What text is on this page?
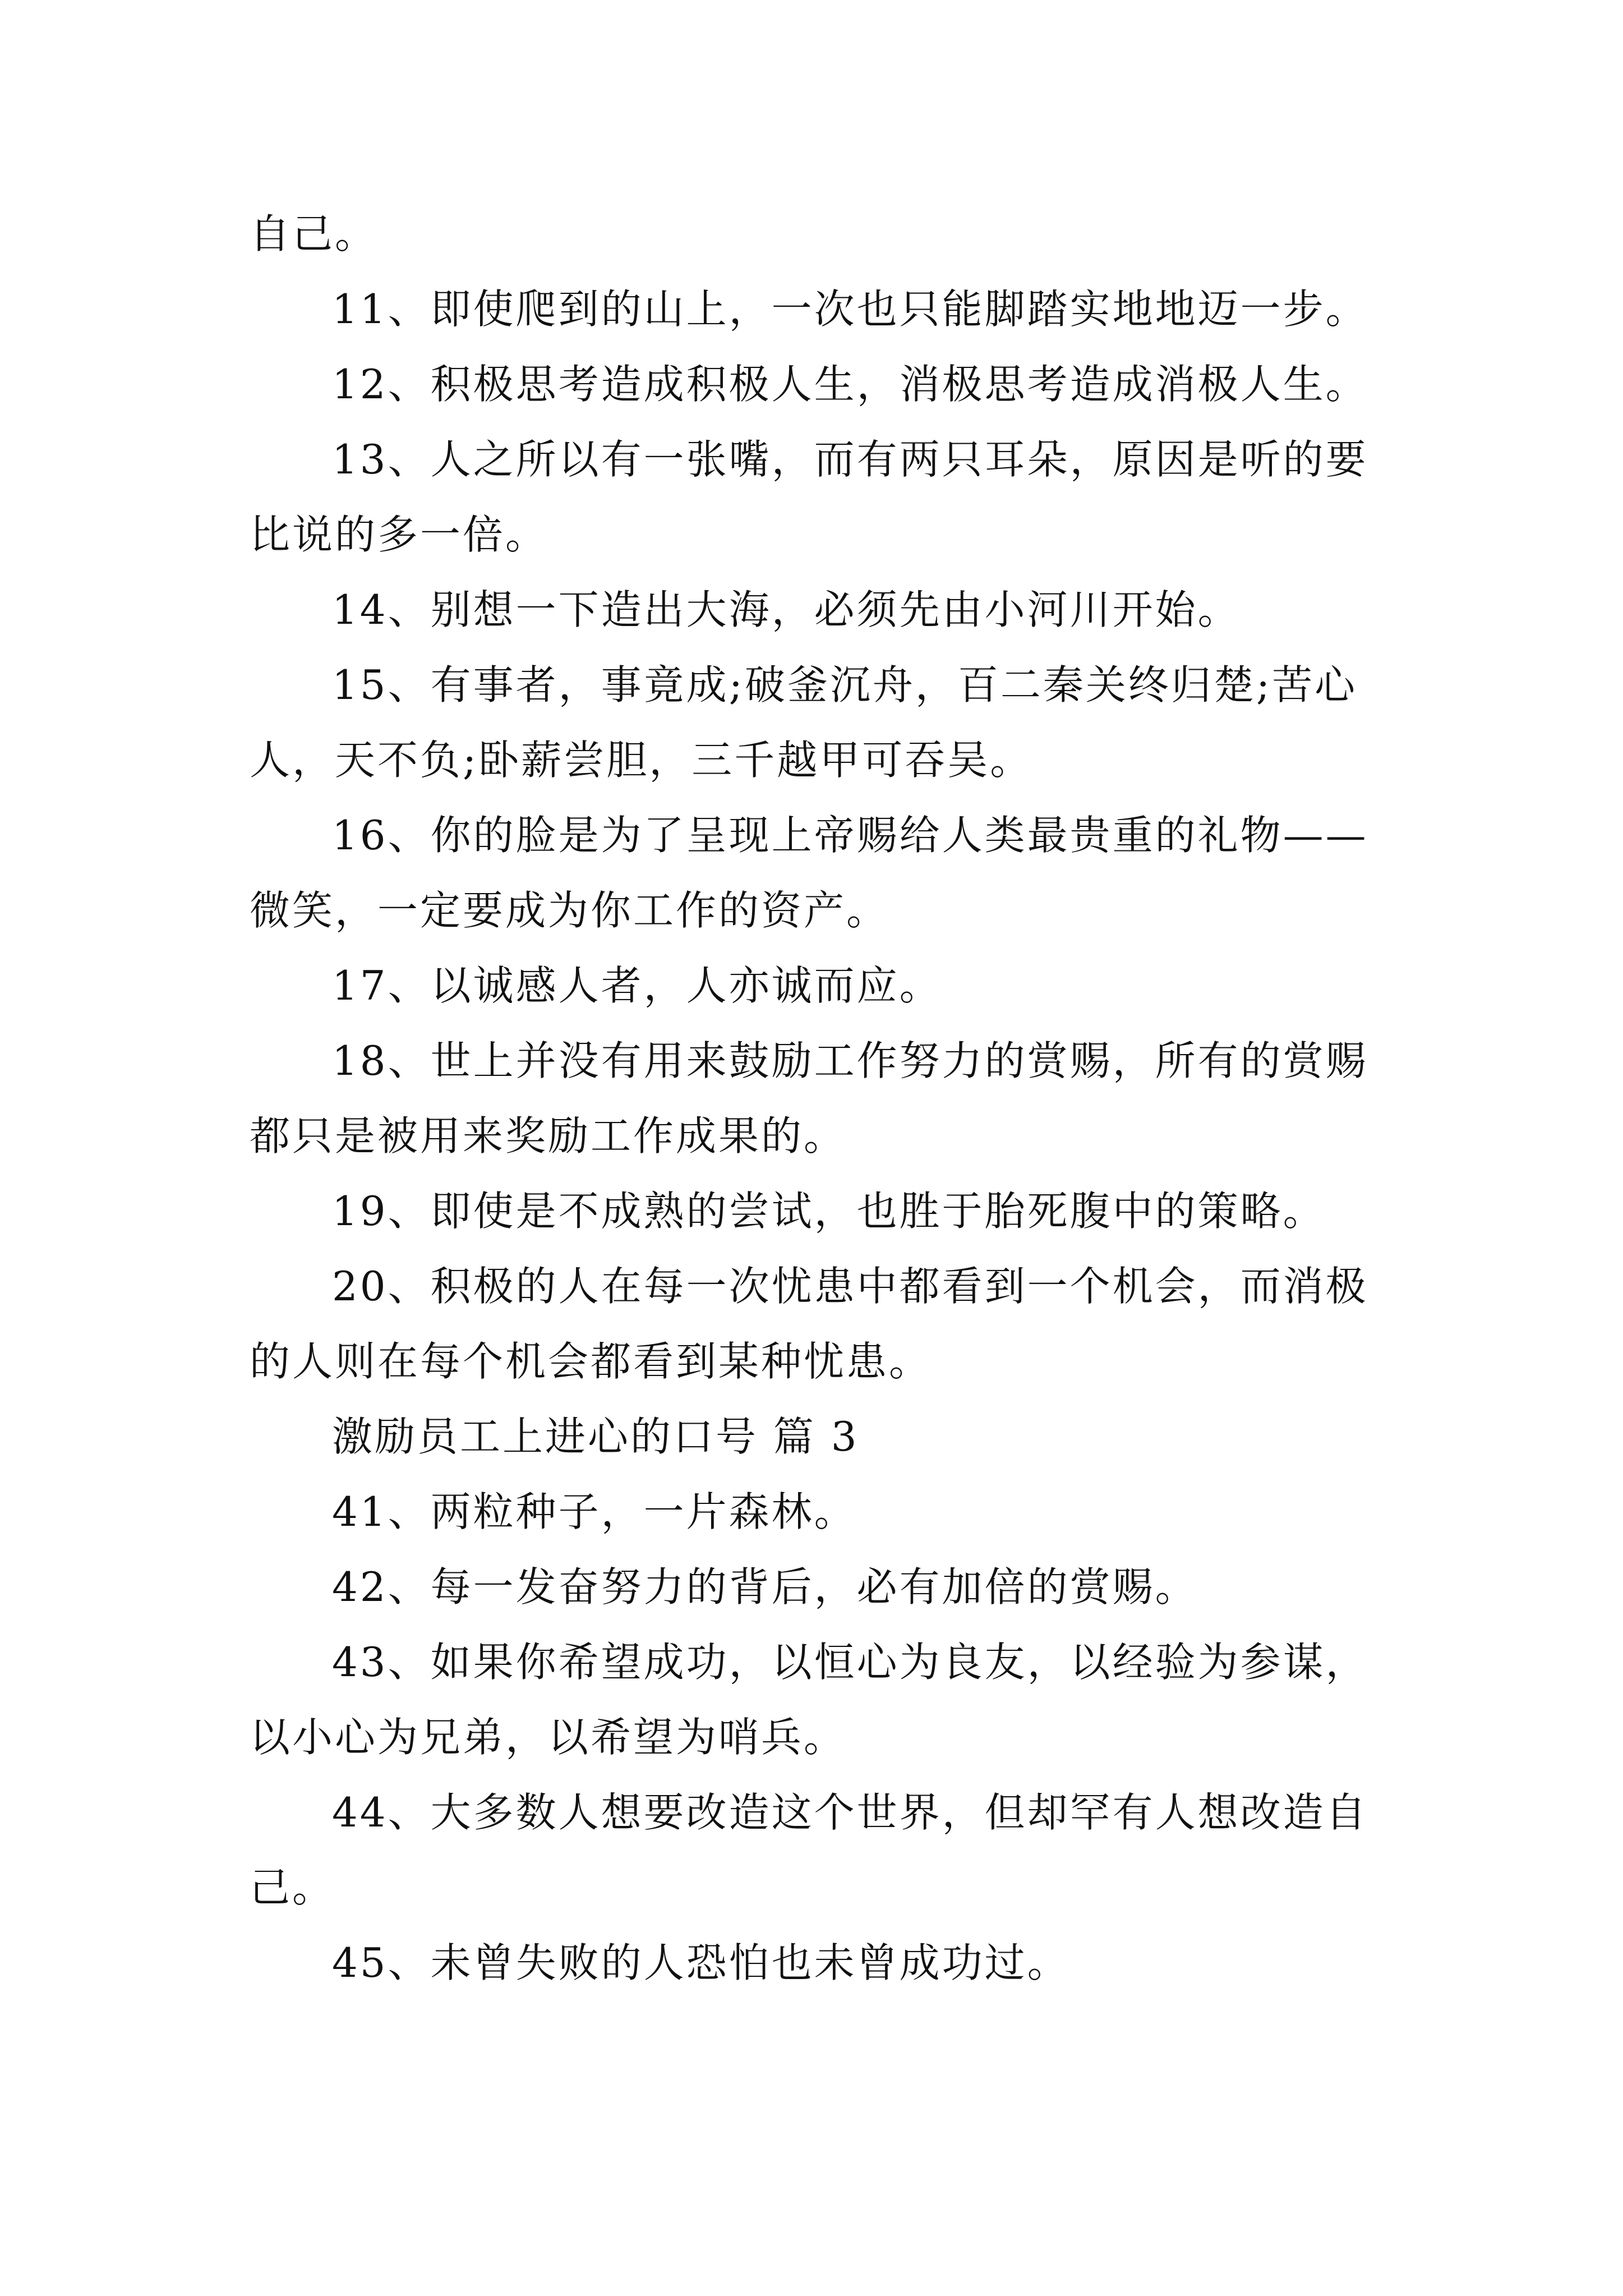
自己。

11、即使爬到的山上，一次也只能脚踏实地地迈一步。

12、积极思考造成积极人生，消极思考造成消极人生。

13、人之所以有一张嘴，而有两只耳朵，原因是听的要比说的多一倍。

14、别想一下造出大海，必须先由小河川开始。

15、有事者，事竟成;破釜沉舟，百二秦关终归楚;苦心人，天不负;卧薪尝胆，三千越甲可吞吴。

16、你的脸是为了呈现上帝赐给人类最贵重的礼物——微笑，一定要成为你工作的资产。

17、以诚感人者，人亦诚而应。

18、世上并没有用来鼓励工作努力的赏赐，所有的赏赐都只是被用来奖励工作成果的。

19、即使是不成熟的尝试，也胜于胎死腹中的策略。

20、积极的人在每一次忧患中都看到一个机会，而消极的人则在每个机会都看到某种忧患。

激励员工上进心的口号 篇 3

41、两粒种子，一片森林。

42、每一发奋努力的背后，必有加倍的赏赐。

43、如果你希望成功，以恒心为良友，以经验为参谋，以小心为兄弟，以希望为哨兵。

44、大多数人想要改造这个世界，但却罕有人想改造自己。

45、未曾失败的人恐怕也未曾成功过。
